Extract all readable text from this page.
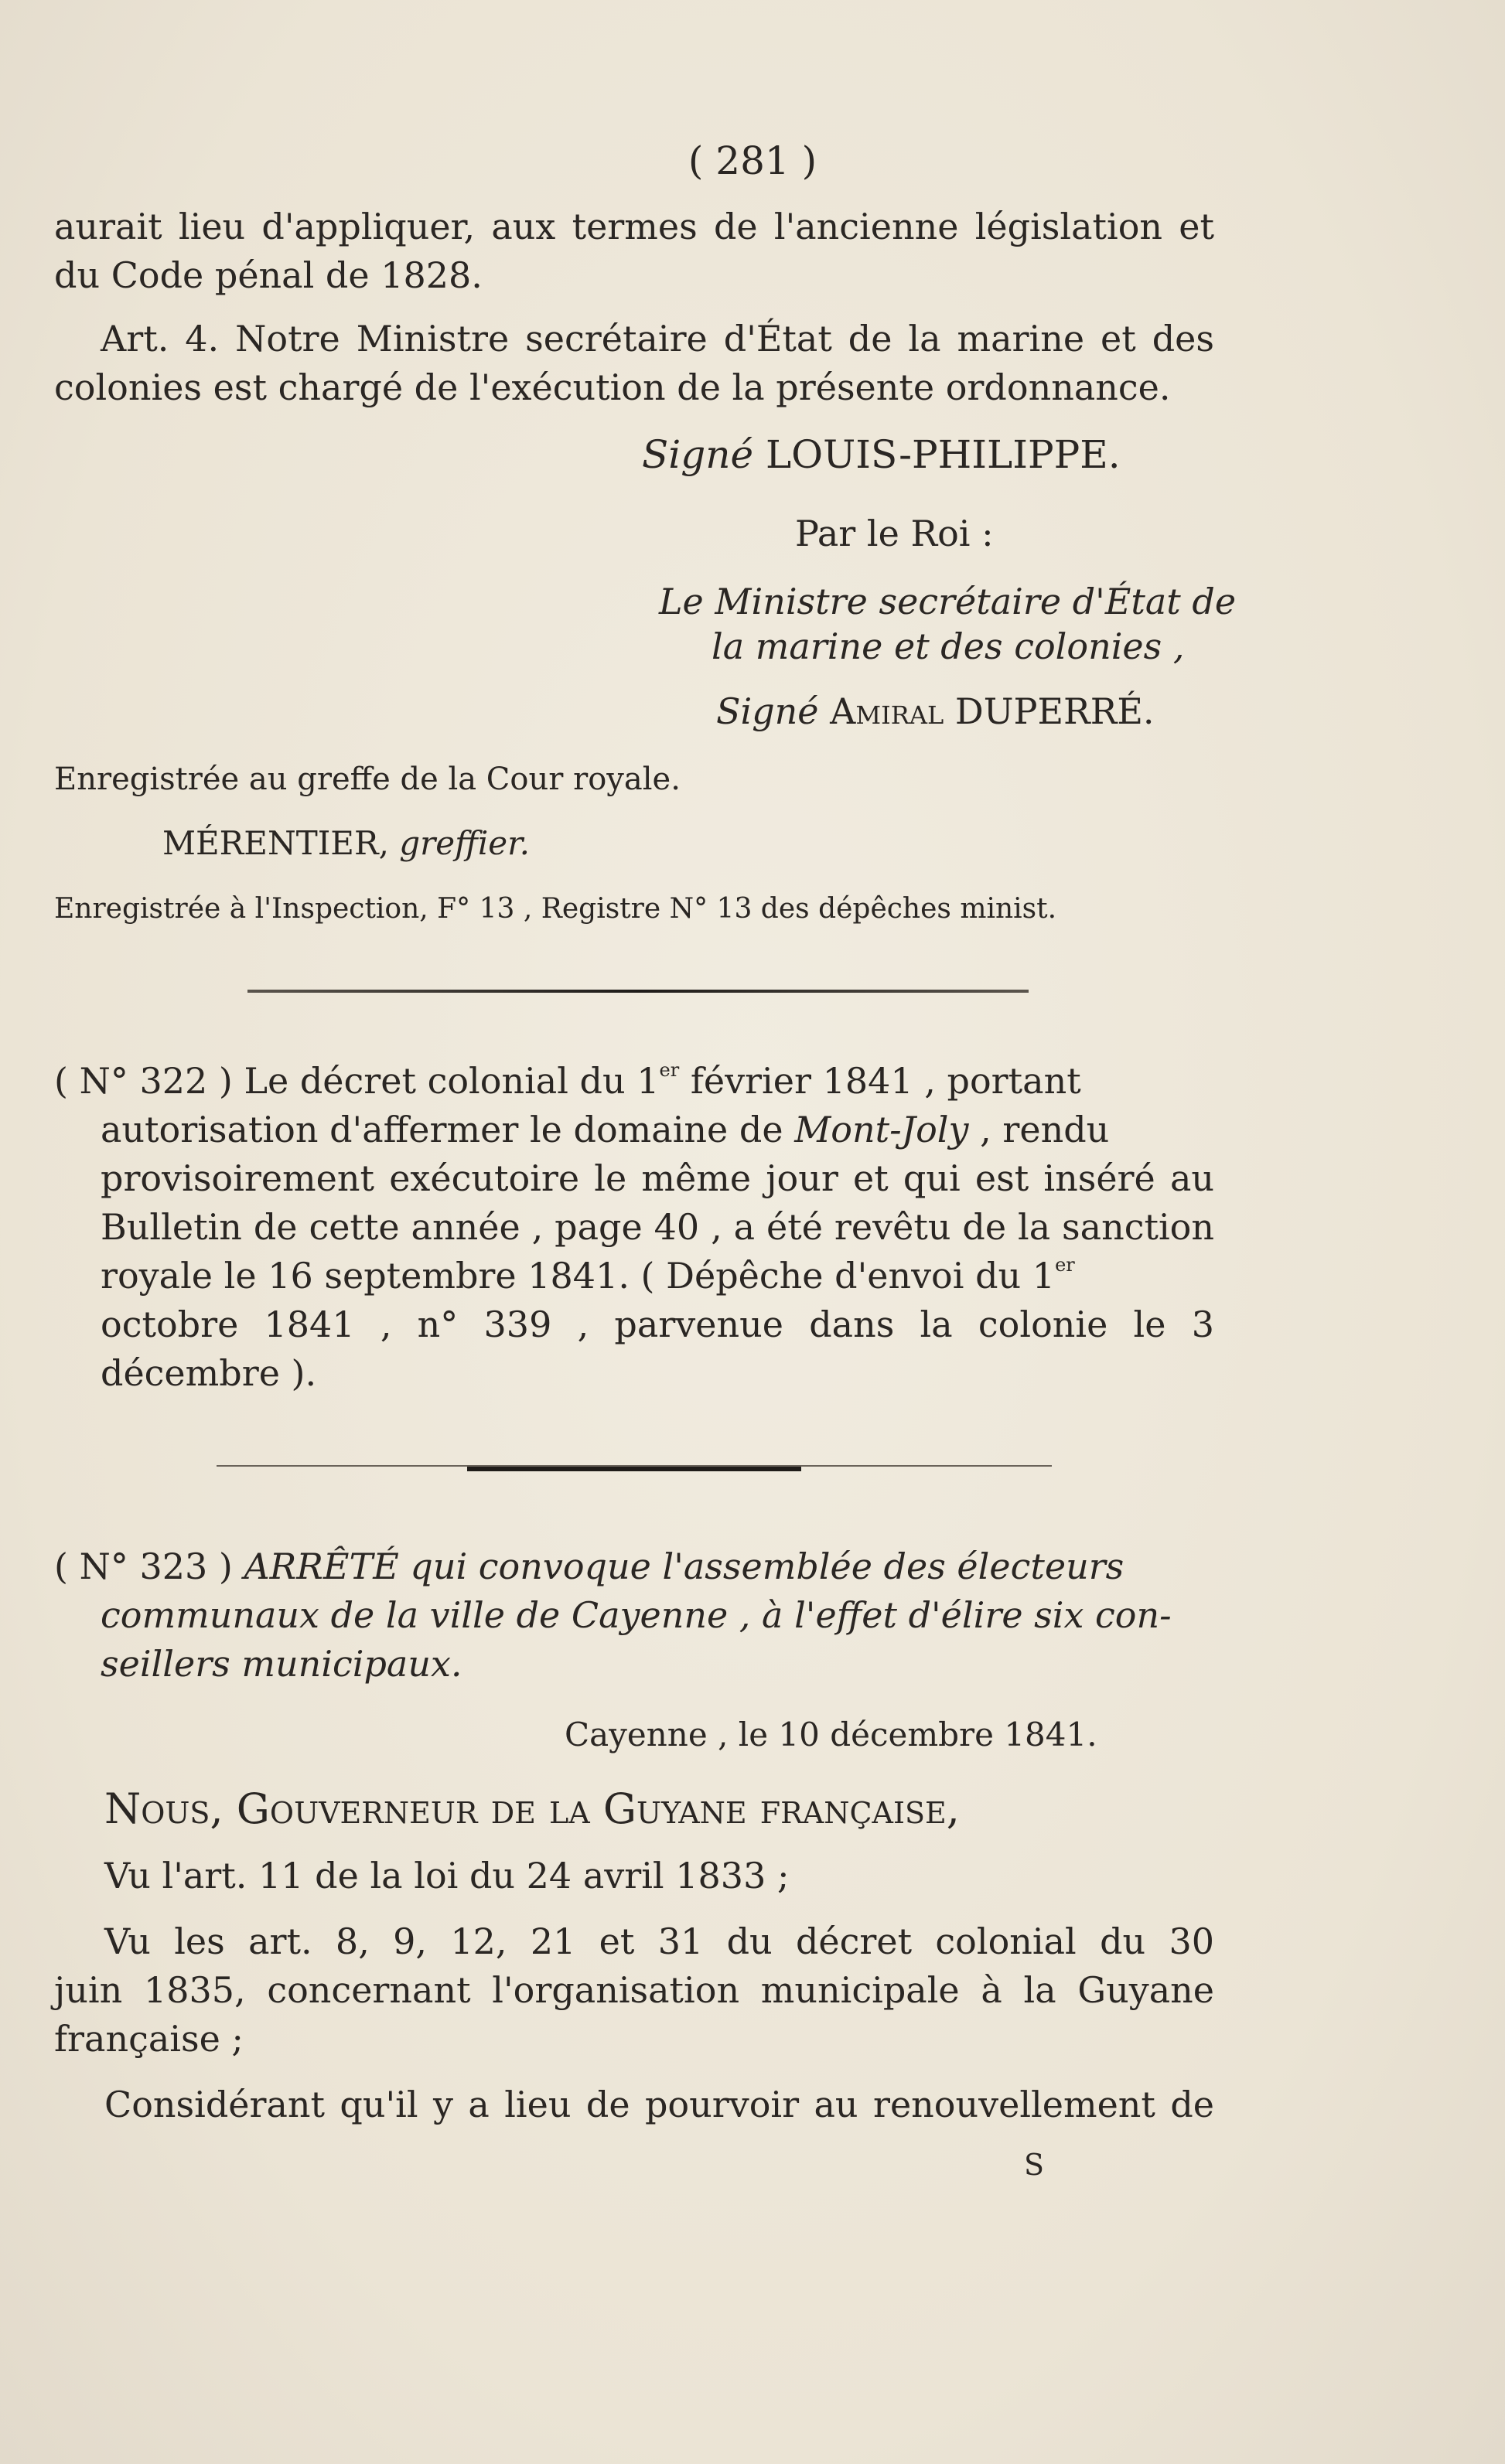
( 281 )
aurait lieu d'appliquer, aux termes de l'ancienne législation et
du Code pénal de 1828.
Art. 4. Notre Ministre secrétaire d'État de la marine et des
colonies est chargé de l'exécution de la présente ordonnance.
Signé LOUIS-PHILIPPE.
Par le Roi :
Le Ministre secrétaire d'État de
la marine et des colonies ,
Signé Amiral DUPERRÉ.
Enregistrée au greffe de la Cour royale.
MÉRENTIER, greffier.
Enregistrée à l'Inspection, F° 13 , Registre N° 13 des dépêches minist.
( N° 322 ) Le décret colonial du 1er février 1841 , portant
autorisation d'affermer le domaine de Mont-Joly , rendu
provisoirement exécutoire le même jour et qui est inséré au
Bulletin de cette année , page 40 , a été revêtu de la sanction
royale le 16 septembre 1841. ( Dépêche d'envoi du 1er
octobre 1841 , n° 339 , parvenue dans la colonie le 3
décembre ).
( N° 323 ) ARRÊTÉ qui convoque l'assemblée des électeurs
communaux de la ville de Cayenne , à l'effet d'élire six con-
seillers municipaux.
Cayenne , le 10 décembre 1841.
Nous, Gouverneur de la Guyane française,
Vu l'art. 11 de la loi du 24 avril 1833 ;
Vu les art. 8, 9, 12, 21 et 31 du décret colonial du 30
juin 1835, concernant l'organisation municipale à la Guyane
française ;
Considérant qu'il y a lieu de pourvoir au renouvellement de
S
